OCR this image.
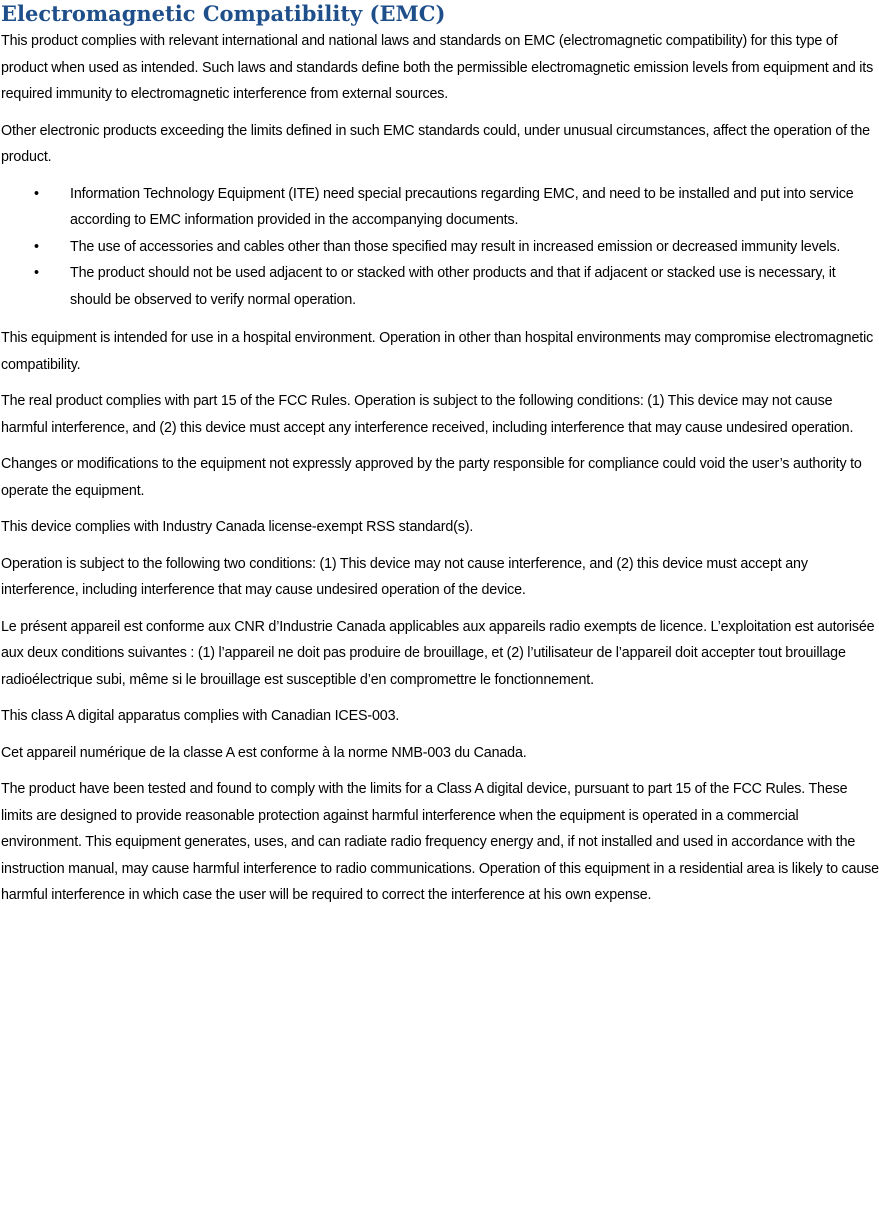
Electromagnetic Compatibility (EMC)

This product complies with relevant international and national laws and standards on EMC (electromagnetic compatibility) for this type of product when used as intended. Such laws and standards define both the permissible electromagnetic emission levels from equipment and its required immunity to electromagnetic interference from external sources.

Other electronic products exceeding the limits defined in such EMC standards could, under unusual circumstances, affect the operation of the product.

• Information Technology Equipment (ITE) need special precautions regarding EMC, and need to be installed and put into service according to EMC information provided in the accompanying documents.
• The use of accessories and cables other than those specified may result in increased emission or decreased immunity levels.
• The product should not be used adjacent to or stacked with other products and that if adjacent or stacked use is necessary, it should be observed to verify normal operation.

This equipment is intended for use in a hospital environment. Operation in other than hospital environments may compromise electromagnetic compatibility.

The real product complies with part 15 of the FCC Rules. Operation is subject to the following conditions: (1) This device may not cause harmful interference, and (2) this device must accept any interference received, including interference that may cause undesired operation.

Changes or modifications to the equipment not expressly approved by the party responsible for compliance could void the user’s authority to operate the equipment.

This device complies with Industry Canada license-exempt RSS standard(s).

Operation is subject to the following two conditions: (1) This device may not cause interference, and (2) this device must accept any interference, including interference that may cause undesired operation of the device.

Le présent appareil est conforme aux CNR d’Industrie Canada applicables aux appareils radio exempts de licence. L’exploitation est autorisée aux deux conditions suivantes : (1) l’appareil ne doit pas produire de brouillage, et (2) l’utilisateur de l’appareil doit accepter tout brouillage radioélectrique subi, même si le brouillage est susceptible d’en compromettre le fonctionnement.

This class A digital apparatus complies with Canadian ICES-003.

Cet appareil numérique de la classe A est conforme à la norme NMB-003 du Canada.

The product have been tested and found to comply with the limits for a Class A digital device, pursuant to part 15 of the FCC Rules. These limits are designed to provide reasonable protection against harmful interference when the equipment is operated in a commercial environment. This equipment generates, uses, and can radiate radio frequency energy and, if not installed and used in accordance with the instruction manual, may cause harmful interference to radio communications. Operation of this equipment in a residential area is likely to cause harmful interference in which case the user will be required to correct the interference at his own expense.
